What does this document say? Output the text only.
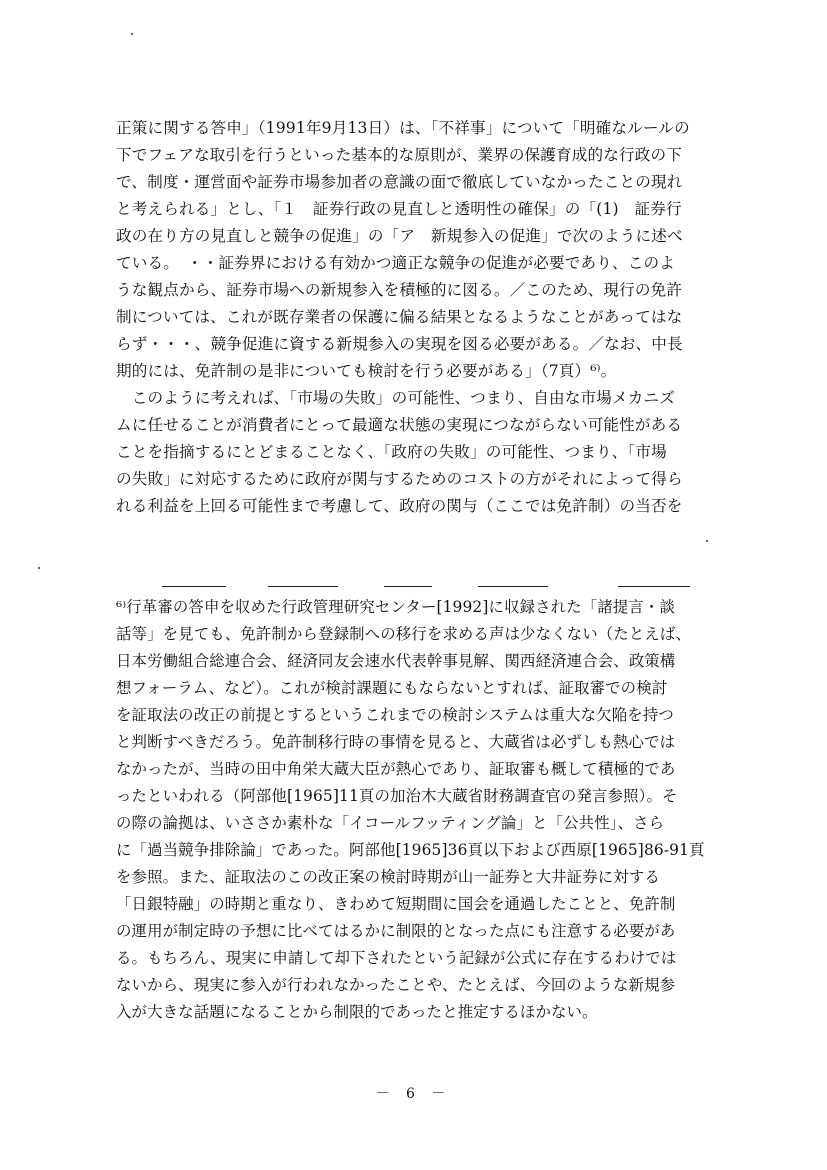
正策に関する答申」（1991年9月13日）は、「不祥事」について「明確なルールの
下でフェアな取引を行うといった基本的な原則が、業界の保護育成的な行政の下
で、制度・運営面や証券市場参加者の意識の面で徹底していなかったことの現れ
と考えられる」とし、「１　証券行政の見直しと透明性の確保」の「(1)　証券行
政の在り方の見直しと競争の促進」の「ア　新規参入の促進」で次のように述べ
ている。　・・証券界における有効かつ適正な競争の促進が必要であり、このよ
うな観点から、証券市場への新規参入を積極的に図る。／このため、現行の免許
制については、これが既存業者の保護に偏る結果となるようなことがあってはな
らず・・・、競争促進に資する新規参入の実現を図る必要がある。／なお、中長
期的には、免許制の是非についても検討を行う必要がある」（7頁）⁶⁾。
　このように考えれば、「市場の失敗」の可能性、つまり、自由な市場メカニズ
ムに任せることが消費者にとって最適な状態の実現につながらない可能性がある
ことを指摘するにとどまることなく、「政府の失敗」の可能性、つまり、「市場
の失敗」に対応するために政府が関与するためのコストの方がそれによって得ら
れる利益を上回る可能性まで考慮して、政府の関与（ここでは免許制）の当否を
⁶⁾行革審の答申を収めた行政管理研究センター[1992]に収録された「諸提言・談
話等」を見ても、免許制から登録制への移行を求める声は少なくない（たとえば、
日本労働組合総連合会、経済同友会速水代表幹事見解、関西経済連合会、政策構
想フォーラム、など）。これが検討課題にもならないとすれば、証取審での検討
を証取法の改正の前提とするというこれまでの検討システムは重大な欠陥を持つ
と判断すべきだろう。免許制移行時の事情を見ると、大蔵省は必ずしも熱心では
なかったが、当時の田中角栄大蔵大臣が熱心であり、証取審も概して積極的であ
ったといわれる（阿部他[1965]11頁の加治木大蔵省財務調査官の発言参照）。そ
の際の論拠は、いささか素朴な「イコールフッティング論」と「公共性」、さら
に「過当競争排除論」であった。阿部他[1965]36頁以下および西原[1965]86-91頁
を参照。また、証取法のこの改正案の検討時期が山一証券と大井証券に対する
「日銀特融」の時期と重なり、きわめて短期間に国会を通過したことと、免許制
の運用が制定時の予想に比べてはるかに制限的となった点にも注意する必要があ
る。もちろん、現実に申請して却下されたという記録が公式に存在するわけでは
ないから、現実に参入が行われなかったことや、たとえば、今回のような新規参
入が大きな話題になることから制限的であったと推定するほかない。
－ 6 －
